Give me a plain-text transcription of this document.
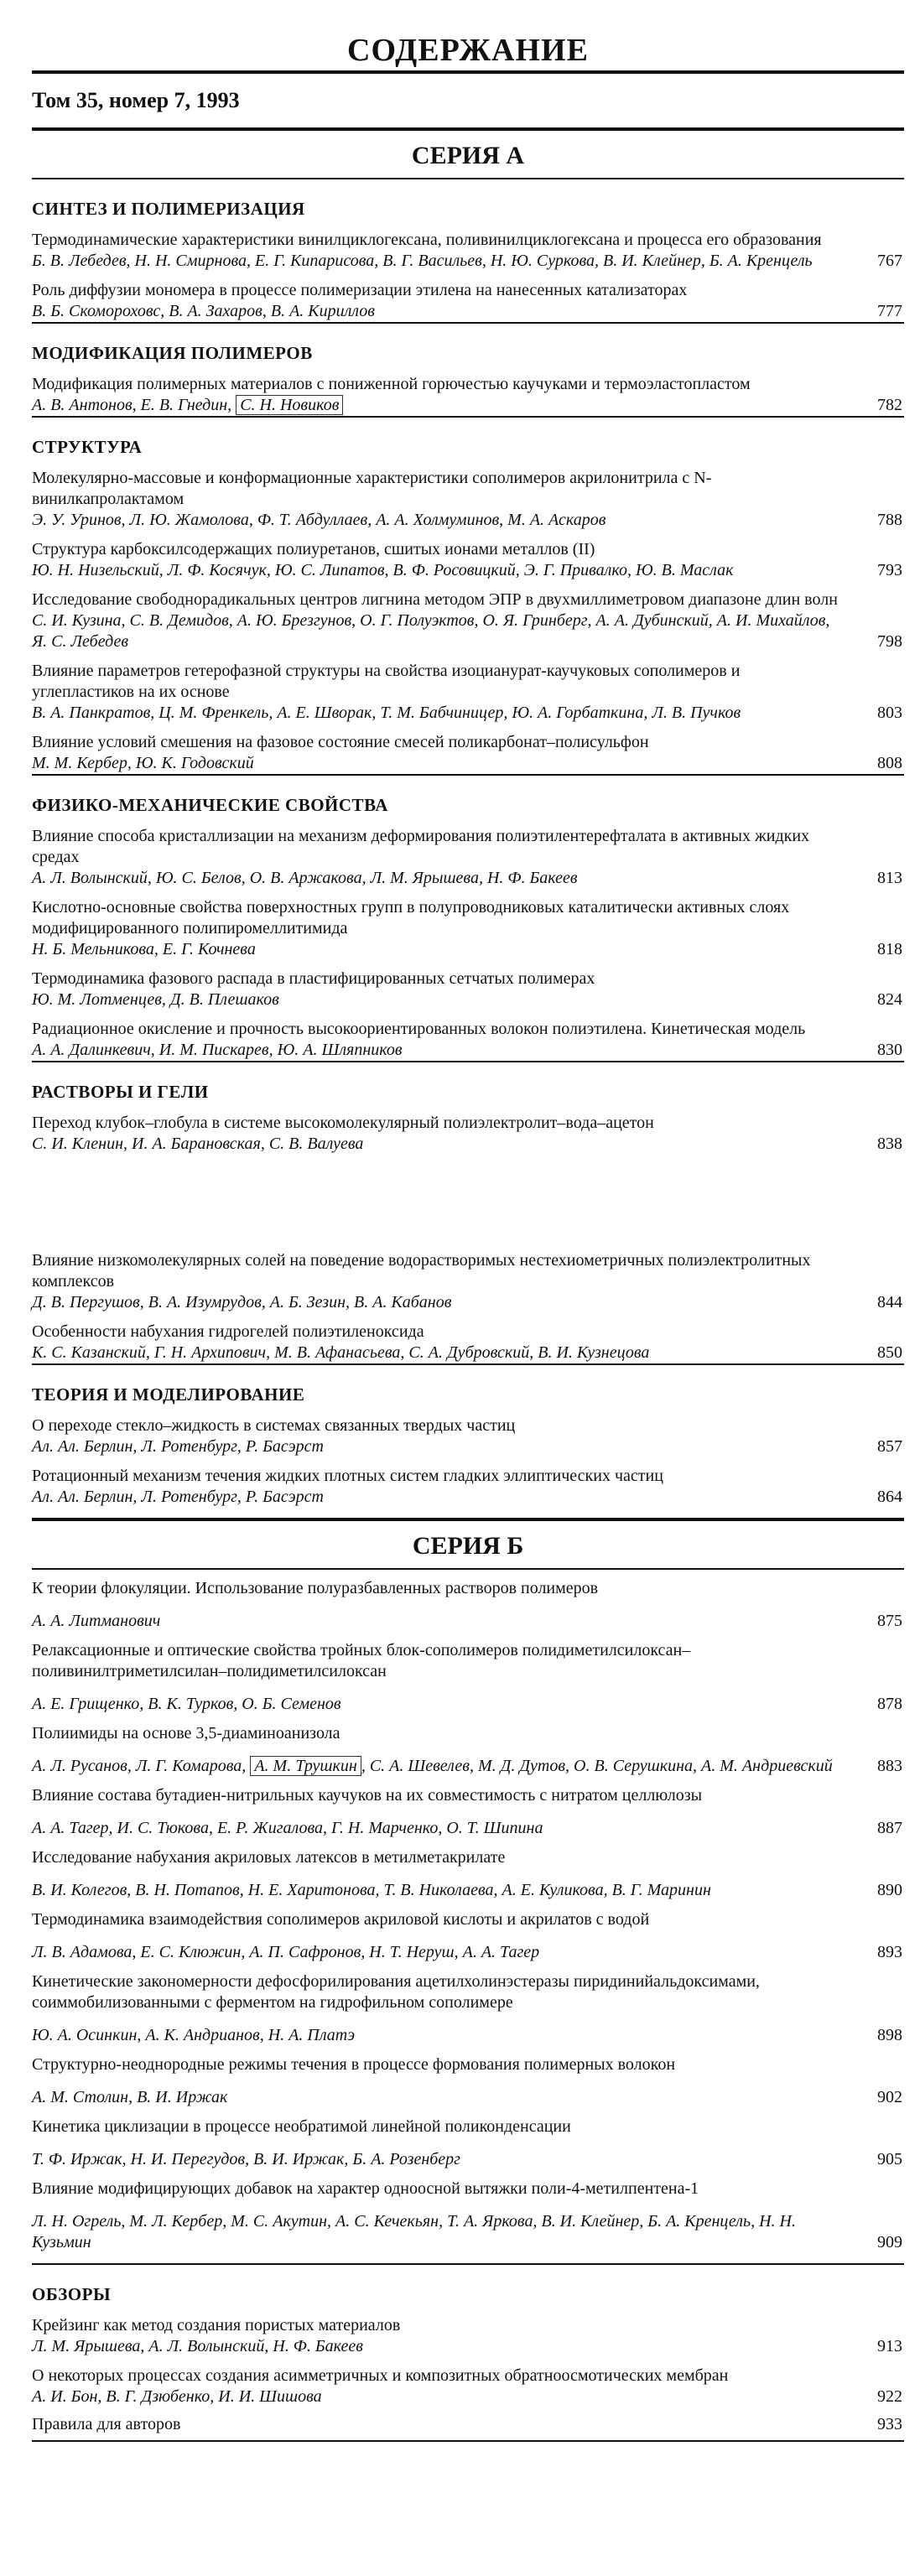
СОДЕРЖАНИЕ
Том 35, номер 7, 1993
СЕРИЯ А
СИНТЕЗ И ПОЛИМЕРИЗАЦИЯ
Термодинамические характеристики винилциклогексана, поливинилциклогексана и процесса его образования
Б. В. Лебедев, Н. Н. Смирнова, Е. Г. Кипарисова, В. Г. Васильев, Н. Ю. Суркова, В. И. Клейнер, Б. А. Кренцель	767
Роль диффузии мономера в процессе полимеризации этилена на нанесенных катализаторах
В. Б. Скомороховс, В. А. Захаров, В. А. Кириллов	777
МОДИФИКАЦИЯ ПОЛИМЕРОВ
Модификация полимерных материалов с пониженной горючестью каучуками и термоэластопластом
А. В. Антонов, Е. В. Гнедин, С. Н. Новиков	782
СТРУКТУРА
Молекулярно-массовые и конформационные характеристики сополимеров акрилонитрила с N-винилкапролактамом
Э. У. Уринов, Л. Ю. Жамолова, Ф. Т. Абдуллаев, А. А. Холмуминов, М. А. Аскаров	788
Структура карбоксилсодержащих полиуретанов, сшитых ионами металлов (II)
Ю. Н. Низельский, Л. Ф. Косячук, Ю. С. Липатов, В. Ф. Росовицкий, Э. Г. Привалко, Ю. В. Маслак	793
Исследование свободнорадикальных центров лигнина методом ЭПР в двухмиллиметровом диапазоне длин волн
С. И. Кузина, С. В. Демидов, А. Ю. Брезгунов, О. Г. Полуэктов, О. Я. Гринберг, А. А. Дубинский, А. И. Михайлов, Я. С. Лебедев	798
Влияние параметров гетерофазной структуры на свойства изоцианурат-каучуковых сополимеров и углепластиков на их основе
В. А. Панкратов, Ц. М. Френкель, А. Е. Шворак, Т. М. Бабчиницер, Ю. А. Горбаткина, Л. В. Пучков	803
Влияние условий смешения на фазовое состояние смесей поликарбонат–полисульфон
М. М. Кербер, Ю. К. Годовский	808
ФИЗИКО-МЕХАНИЧЕСКИЕ СВОЙСТВА
Влияние способа кристаллизации на механизм деформирования полиэтилентерефталата в активных жидких средах
А. Л. Волынский, Ю. С. Белов, О. В. Аржакова, Л. М. Ярышева, Н. Ф. Бакеев	813
Кислотно-основные свойства поверхностных групп в полупроводниковых каталитически активных слоях модифицированного полипиромеллитимида
Н. Б. Мельникова, Е. Г. Кочнева	818
Термодинамика фазового распада в пластифицированных сетчатых полимерах
Ю. М. Лотменцев, Д. В. Плешаков	824
Радиационное окисление и прочность высокоориентированных волокон полиэтилена. Кинетическая модель
А. А. Далинкевич, И. М. Пискарев, Ю. А. Шляпников	830
РАСТВОРЫ И ГЕЛИ
Переход клубок–глобула в системе высокомолекулярный полиэлектролит–вода–ацетон
С. И. Кленин, И. А. Барановская, С. В. Валуева	838
Влияние низкомолекулярных солей на поведение водорастворимых нестехиометричных полиэлектролитных комплексов
Д. В. Пергушов, В. А. Изумрудов, А. Б. Зезин, В. А. Кабанов	844
Особенности набухания гидрогелей полиэтиленоксида
К. С. Казанский, Г. Н. Архипович, М. В. Афанасьева, С. А. Дубровский, В. И. Кузнецова	850
ТЕОРИЯ И МОДЕЛИРОВАНИЕ
О переходе стекло–жидкость в системах связанных твердых частиц
Ал. Ал. Берлин, Л. Ротенбург, Р. Басэрст	857
Ротационный механизм течения жидких плотных систем гладких эллиптических частиц
Ал. Ал. Берлин, Л. Ротенбург, Р. Басэрст	864
СЕРИЯ Б
К теории флокуляции. Использование полуразбавленных растворов полимеров
А. А. Литманович	875
Релаксационные и оптические свойства тройных блок-сополимеров полидиметилсилоксан–поливинилтриметилсилан–полидиметилсилоксан
А. Е. Грищенко, В. К. Турков, О. Б. Семенов	878
Полиимиды на основе 3,5-диаминоанизола
А. Л. Русанов, Л. Г. Комарова, А. М. Трушкин , С. А. Шевелев, М. Д. Дутов, О. В. Серушкина, А. М. Андриевский	883
Влияние состава бутадиен-нитрильных каучуков на их совместимость с нитратом целлюлозы
А. А. Тагер, И. С. Тюкова, Е. Р. Жигалова, Г. Н. Марченко, О. Т. Шипина	887
Исследование набухания акриловых латексов в метилметакрилате
В. И. Колегов, В. Н. Потапов, Н. Е. Харитонова, Т. В. Николаева, А. Е. Куликова, В. Г. Маринин	890
Термодинамика взаимодействия сополимеров акриловой кислоты и акрилатов с водой
Л. В. Адамова, Е. С. Клюжин, А. П. Сафронов, Н. Т. Неруш, А. А. Тагер	893
Кинетические закономерности дефосфорилирования ацетилхолинэстеразы пиридинийальдоксимами, соиммобилизованными с ферментом на гидрофильном сополимере
Ю. А. Осинкин, А. К. Андрианов, Н. А. Платэ	898
Структурно-неоднородные режимы течения в процессе формования полимерных волокон
А. М. Столин, В. И. Иржак	902
Кинетика циклизации в процессе необратимой линейной поликонденсации
Т. Ф. Иржак, Н. И. Перегудов, В. И. Иржак, Б. А. Розенберг	905
Влияние модифицирующих добавок на характер одноосной вытяжки поли-4-метилпентена-1
Л. Н. Огрель, М. Л. Кербер, М. С. Акутин, А. С. Кечекьян, Т. А. Яркова, В. И. Клейнер, Б. А. Кренцель, Н. Н. Кузьмин	909
ОБЗОРЫ
Крейзинг как метод создания пористых материалов
Л. М. Ярышева, А. Л. Волынский, Н. Ф. Бакеев	913
О некоторых процессах создания асимметричных и композитных обратноосмотических мембран
А. И. Бон, В. Г. Дзюбенко, И. И. Шишова	922
Правила для авторов	933
